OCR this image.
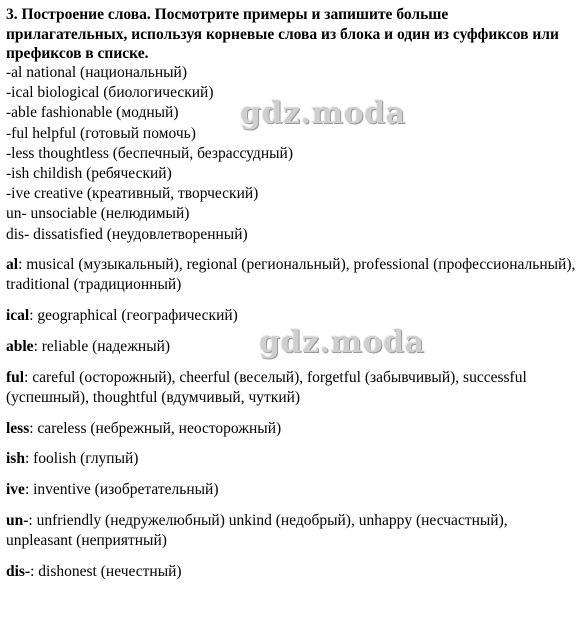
3. Построение слова. Посмотрите примеры и запишите больше прилагательных, используя корневые слова из блока и один из суффиксов или префиксов в списке.
-al national (национальный)
-ical biological (биологический)
-able fashionable (модный)
-ful helpful (готовый помочь)
-less thoughtless (беспечный, безрассудный)
-ish childish (ребяческий)
-ive creative (креативный, творческий)
un- unsociable (нелюдимый)
dis- dissatisfied (неудовлетворенный)

al: musical (музыкальный), regional (региональный), professional (профессиональный), traditional (традиционный)

ical: geographical (географический)

able: reliable (надежный)

ful: careful (осторожный), cheerful (веселый), forgetful (забывчивый), successful (успешный), thoughtful (вдумчивый, чуткий)

less: careless (небрежный, неосторожный)

ish: foolish (глупый)

ive: inventive (изобретательный)

un-: unfriendly (недружелюбный) unkind (недобрый), unhappy (несчастный), unpleasant (неприятный)

dis-: dishonest (нечестный)

gdz.moda
gdz.moda
